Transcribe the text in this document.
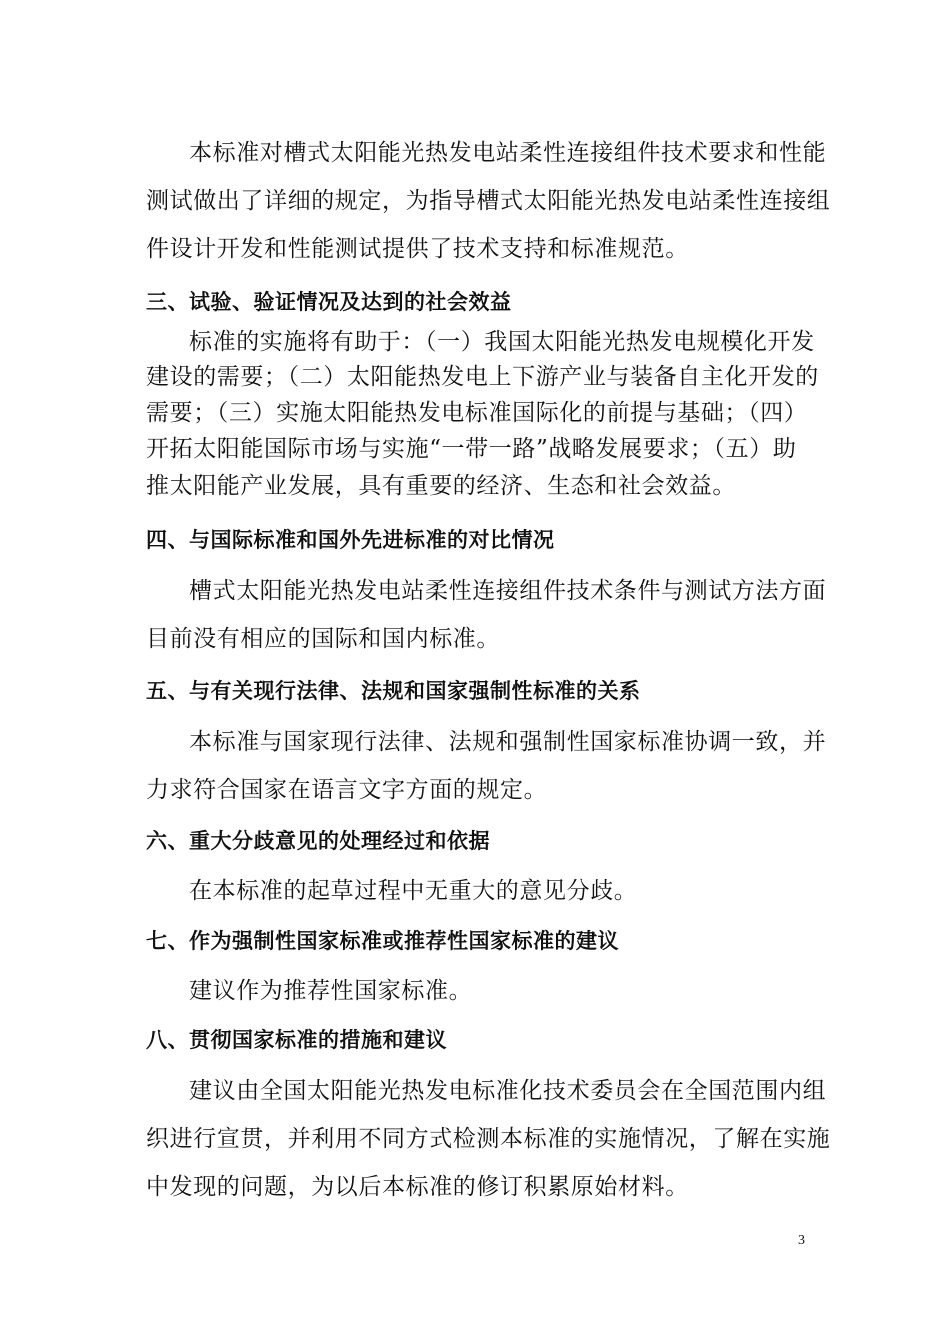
本标准对槽式太阳能光热发电站柔性连接组件技术要求和性能
测试做出了详细的规定，为指导槽式太阳能光热发电站柔性连接组
件设计开发和性能测试提供了技术支持和标准规范。
三、试验、验证情况及达到的社会效益
标准的实施将有助于：（一）我国太阳能光热发电规模化开发
建设的需要；（二）太阳能热发电上下游产业与装备自主化开发的
需要；（三）实施太阳能热发电标准国际化的前提与基础；（四）
开拓太阳能国际市场与实施“一带一路”战略发展要求；（五）助
推太阳能产业发展，具有重要的经济、生态和社会效益。
四、与国际标准和国外先进标准的对比情况
槽式太阳能光热发电站柔性连接组件技术条件与测试方法方面
目前没有相应的国际和国内标准。
五、与有关现行法律、法规和国家强制性标准的关系
本标准与国家现行法律、法规和强制性国家标准协调一致，并
力求符合国家在语言文字方面的规定。
六、重大分歧意见的处理经过和依据
在本标准的起草过程中无重大的意见分歧。
七、作为强制性国家标准或推荐性国家标准的建议
建议作为推荐性国家标准。
八、贯彻国家标准的措施和建议
建议由全国太阳能光热发电标准化技术委员会在全国范围内组
织进行宣贯，并利用不同方式检测本标准的实施情况，了解在实施
中发现的问题，为以后本标准的修订积累原始材料。
3
